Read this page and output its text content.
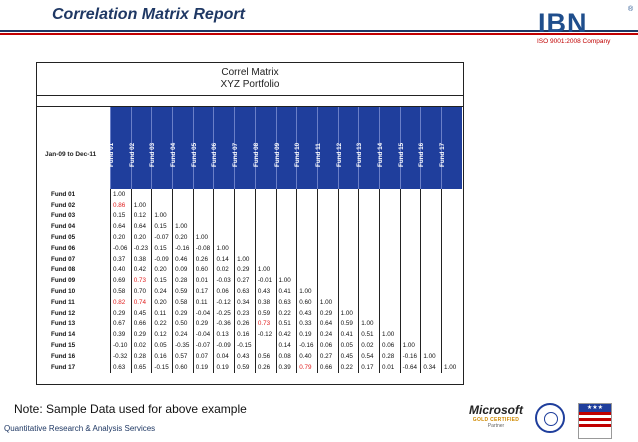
Correlation Matrix Report	IBN	®
ISO 9001:2008 Company
Correl Matrix
XYZ Portfolio

	Fund 01	Fund 02	Fund 03	Fund 04	Fund 05	Fund 06	Fund 07	Fund 08	Fund 09	Fund 10	Fund 11	Fund 12	Fund 13	Fund 14	Fund 15	Fund 16	Fund 17

Fund 01	1.00																
Fund 02	0.86	1.00															
Fund 03	0.15	0.12	1.00														
Fund 04	0.64	0.64	0.15	1.00													
Fund 05	0.20	0.20	-0.07	0.20	1.00												
Fund 06	-0.06	-0.23	0.15	-0.16	-0.08	1.00											
Fund 07	0.37	0.38	-0.09	0.46	0.26	0.14	1.00										
Fund 08	0.40	0.42	0.20	0.09	0.60	0.02	0.29	1.00									
Fund 09	0.69	0.73	0.15	0.28	0.01	-0.03	0.27	-0.01	1.00								
Fund 10	0.58	0.70	0.24	0.59	0.17	0.06	0.63	0.43	0.41	1.00							
Fund 11	0.82	0.74	0.20	0.58	0.11	-0.12	0.34	0.38	0.63	0.60	1.00						
Fund 12	0.29	0.45	0.11	0.29	-0.04	-0.25	0.23	0.59	0.22	0.43	0.29	1.00					
Fund 13	0.67	0.66	0.22	0.50	0.29	-0.36	0.26	0.73	0.51	0.33	0.64	0.59	1.00				
Fund 14	0.39	0.29	0.12	0.24	-0.04	0.13	0.16	-0.12	0.42	0.19	0.24	0.41	0.51	1.00			
Fund 15	-0.10	0.02	0.05	-0.35	-0.07	-0.09	-0.15		0.14	-0.16	0.06	0.05	0.02	0.06	1.00		
Fund 16	-0.32	0.28	0.16	0.57	0.07	0.04	0.43	0.56	0.08	0.40	0.27	0.45	0.54	0.28	-0.16	1.00	
Fund 17	0.63	0.65	-0.15	0.60	0.19	0.19	0.59	0.26	0.39	0.79	0.66	0.22	0.17	0.01	-0.64	0.34	1.00
Jan-09 to Dec-11
Note: Sample Data used for above example
Quantitative Research & Analysis Services
Microsoft
GOLD CERTIFIED
Partner
★★★
